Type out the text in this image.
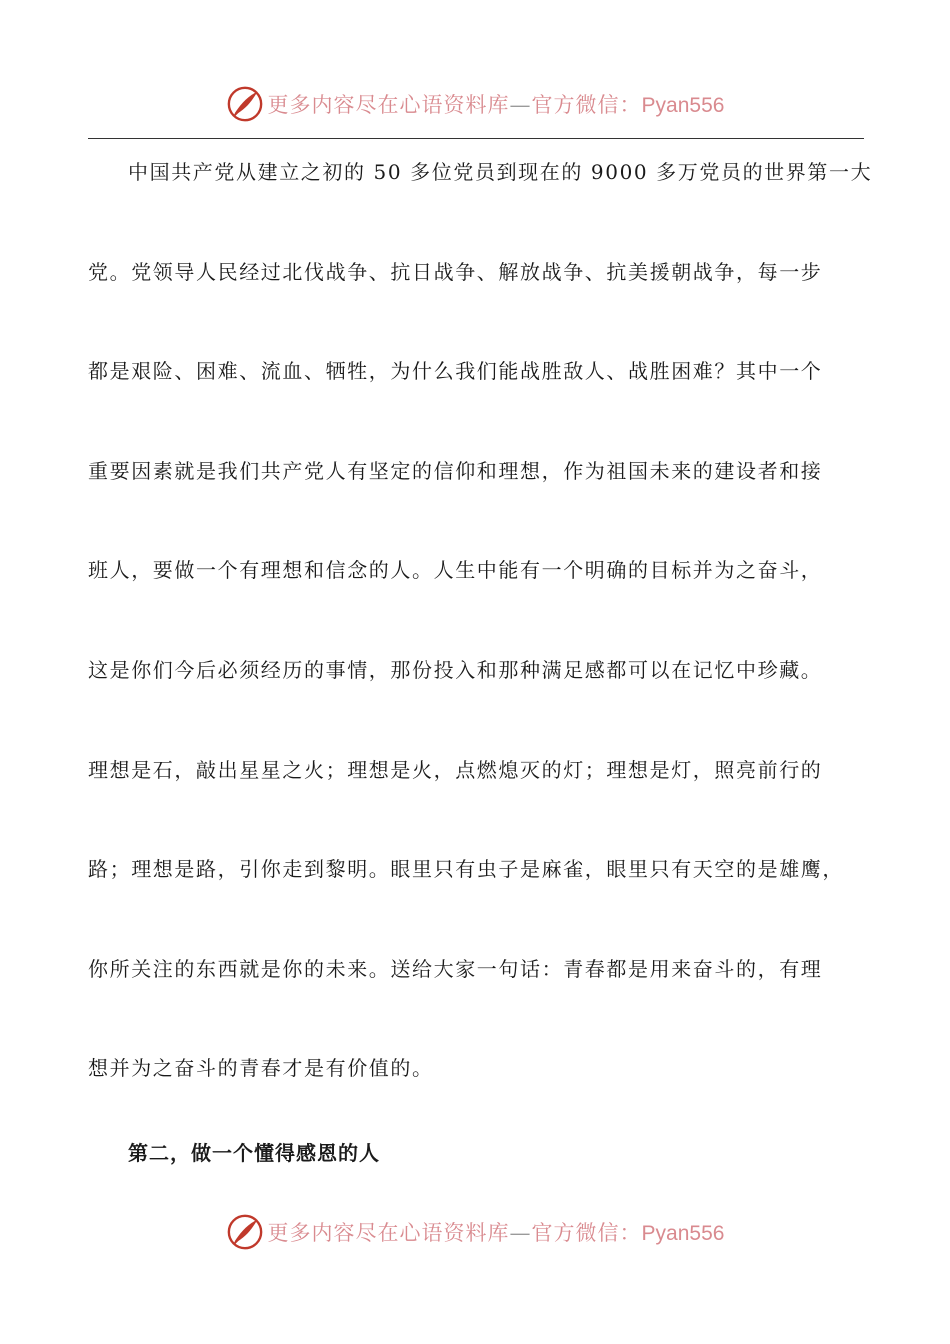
更多内容尽在心语资料库—官方微信：Pyan556
中国共产党从建立之初的 50 多位党员到现在的 9000 多万党员的世界第一大
党。党领导人民经过北伐战争、抗日战争、解放战争、抗美援朝战争，每一步
都是艰险、困难、流血、牺牲，为什么我们能战胜敌人、战胜困难？其中一个
重要因素就是我们共产党人有坚定的信仰和理想，作为祖国未来的建设者和接
班人，要做一个有理想和信念的人。人生中能有一个明确的目标并为之奋斗，
这是你们今后必须经历的事情，那份投入和那种满足感都可以在记忆中珍藏。
理想是石，敲出星星之火；理想是火，点燃熄灭的灯；理想是灯，照亮前行的
路；理想是路，引你走到黎明。眼里只有虫子是麻雀，眼里只有天空的是雄鹰，
你所关注的东西就是你的未来。送给大家一句话：青春都是用来奋斗的，有理
想并为之奋斗的青春才是有价值的。
第二，做一个懂得感恩的人
更多内容尽在心语资料库—官方微信：Pyan556
